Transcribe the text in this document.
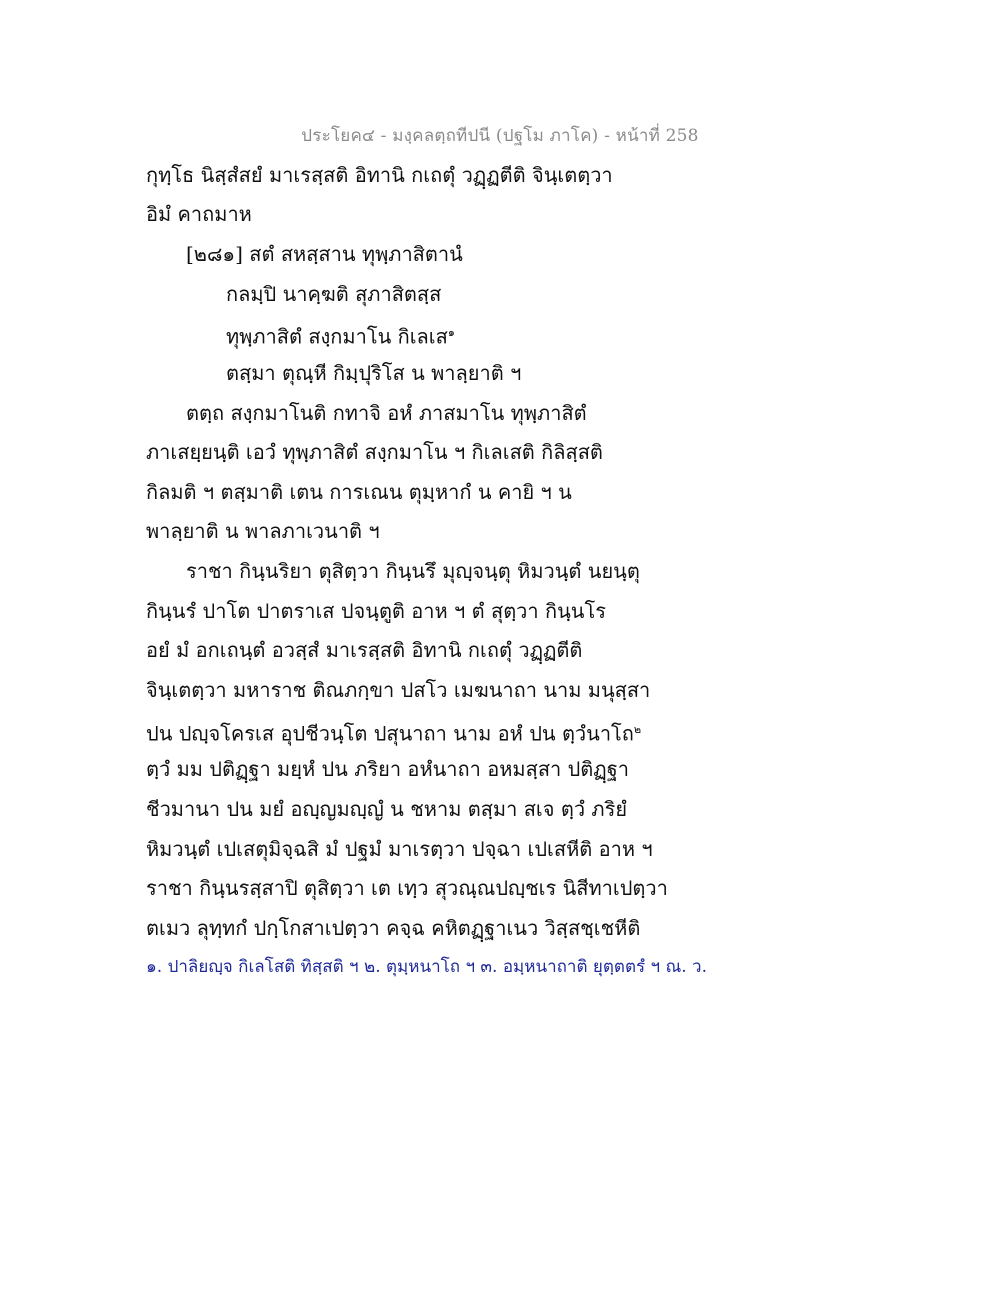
ประโยค๔ - มงฺคลตฺถทีปนี (ปฐโม ภาโค) - หน้าที่ 258
กุทฺโธ นิสฺสํสยํ มาเรสฺสติ อิทานิ กเถตุํ วฏฺฏตีติ จินฺเตตฺวา
อิมํ คาถมาห
[๒๘๑] สตํ สหสฺสาน ทุพฺภาสิตานํ
กลมฺปิ นาคฺฆติ สุภาสิตสฺส
ทุพฺภาสิตํ สงฺกมาโน กิเลเส$^๑$
ตสฺมา ตุณฺหี กิมฺปุริโส น พาลฺยาติ ฯ
ตตฺถ สงฺกมาโนติ กทาจิ อหํ ภาสมาโน ทุพฺภาสิตํ
ภาเสยฺยนฺติ เอวํ ทุพฺภาสิตํ สงฺกมาโน ฯ กิเลเสติ กิลิสฺสติ
กิลมติ ฯ ตสฺมาติ เตน การเณน ตุมฺหากํ น คายิ ฯ น
พาลฺยาติ น พาลภาเวนาติ ฯ
ราชา กินฺนริยา ตุสิตฺวา กินฺนรึ มุญฺจนฺตุ หิมวนฺตํ นยนฺตุ
กินฺนรํ ปาโต ปาตราเส ปจนฺตูติ อาห ฯ ตํ สุตฺวา กินฺนโร
อยํ มํ อกเถนฺตํ อวสฺสํ มาเรสฺสติ อิทานิ กเถตุํ วฏฺฏตีติ
จินฺเตตฺวา มหาราช ติณภกฺขา ปสโว เมฆนาถา นาม มนุสฺสา
ปน ปญฺจโครเส อุปชีวนฺโต ปสุนาถา นาม อหํ ปน ตฺวํนาโถ$^๒$
ตฺวํ มม ปติฏฺฐา มยฺหํ ปน ภริยา อหํนาถา อหมสฺสา ปติฏฺฐา
ชีวมานา ปน มยํ อญฺญมญฺญํ น ชหาม ตสฺมา สเจ ตฺวํ ภริยํ
หิมวนฺตํ เปเสตุมิจฺฉสิ มํ ปฐมํ มาเรตฺวา ปจฺฉา เปเสหีติ อาห ฯ
ราชา กินฺนรสฺสาปิ ตุสิตฺวา เต เทฺว สุวณฺณปญฺชเร นิสีทาเปตฺวา
ตเมว ลุทฺทกํ ปกฺโกสาเปตฺวา คจฺฉ คหิตฏฺฐาเนว วิสฺสชฺเชหีติ
๑. ปาลิยญฺจ กิเลโสติ ทิสฺสติ ฯ ๒. ตุมฺหนาโถ ฯ ๓. อมฺหนาถาติ ยุตฺตตรํ ฯ ณ. ว.
